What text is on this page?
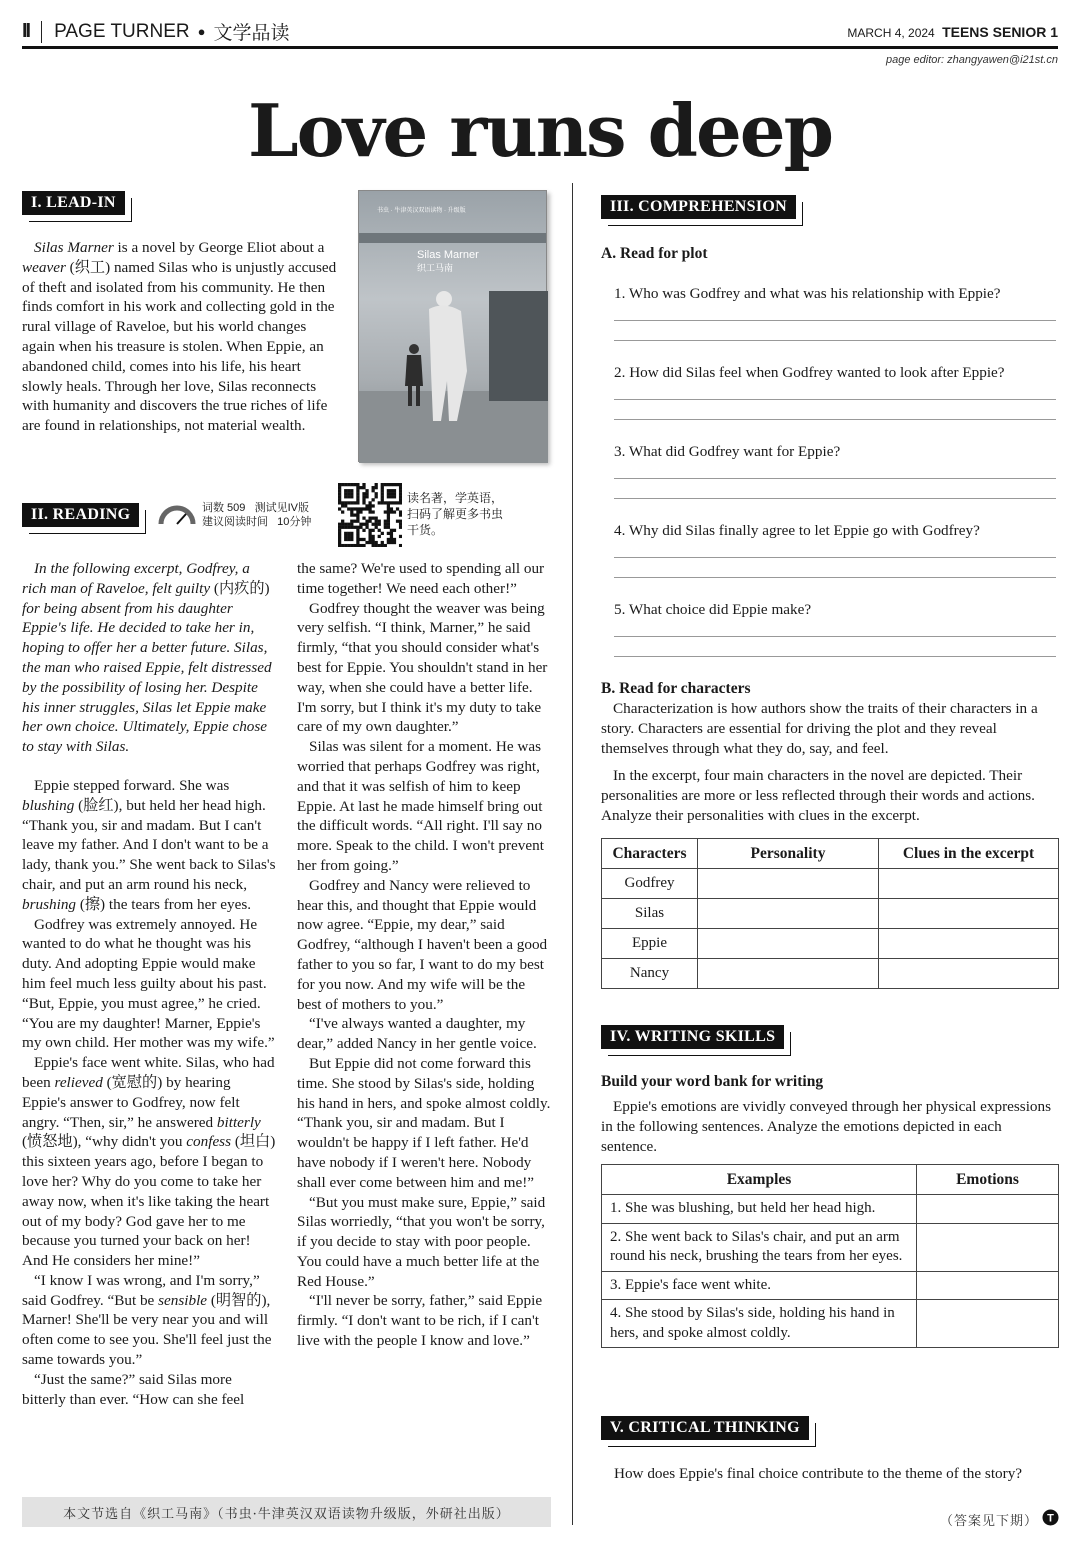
II PAGE TURNER ● 文学品读	MARCH 4, 2024 TEENS SENIOR 1
page editor: zhangyawen@i21st.cn
Love runs deep
I. LEAD-IN

Silas Marner is a novel by George Eliot about a weaver (织工) named Silas who is unjustly accused of theft and isolated from his community. He then finds comfort in his work and collecting gold in the rural village of Raveloe, but his world changes again when his treasure is stolen. When Eppie, an abandoned child, comes into his life, his heart slowly heals. Through her love, Silas reconnects with humanity and discovers the true riches of life are found in relationships, not material wealth.

书虫 · 牛津英汉双语读物 · 升级版
Silas Marner
织工马南
II. READING	词数 509 测试见IV版
建议阅读时间 10分钟
读名著，学英语，扫码了解更多书虫干货。

In the following excerpt, Godfrey, a rich man of Raveloe, felt guilty (内疚的) for being absent from his daughter Eppie's life. He decided to take her in, hoping to offer her a better future. Silas, the man who raised Eppie, felt distressed by the possibility of losing her. Despite his inner struggles, Silas let Eppie make her own choice. Ultimately, Eppie chose to stay with Silas.

Eppie stepped forward. She was blushing (脸红), but held her head high. “Thank you, sir and madam. But I can't leave my father. And I don't want to be a lady, thank you.” She went back to Silas's chair, and put an arm round his neck, brushing (擦) the tears from her eyes.

Godfrey was extremely annoyed. He wanted to do what he thought was his duty. And adopting Eppie would make him feel much less guilty about his past. “But, Eppie, you must agree,” he cried. “You are my daughter! Marner, Eppie's my own child. Her mother was my wife.”

Eppie's face went white. Silas, who had been relieved (宽慰的) by hearing Eppie's answer to Godfrey, now felt angry. “Then, sir,” he answered bitterly (愤怒地), “why didn't you confess (坦白) this sixteen years ago, before I began to love her? Why do you come to take her away now, when it's like taking the heart out of my body? God gave her to me because you turned your back on her! And He considers her mine!”

“I know I was wrong, and I'm sorry,” said Godfrey. “But be sensible (明智的), Marner! She'll be very near you and will often come to see you. She'll feel just the same towards you.”

“Just the same?” said Silas more bitterly than ever. “How can she feel

the same? We're used to spending all our time together! We need each other!”

Godfrey thought the weaver was being very selfish. “I think, Marner,” he said firmly, “that you should consider what's best for Eppie. You shouldn't stand in her way, when she could have a better life. I'm sorry, but I think it's my duty to take care of my own daughter.”

Silas was silent for a moment. He was worried that perhaps Godfrey was right, and that it was selfish of him to keep Eppie. At last he made himself bring out the difficult words. “All right. I'll say no more. Speak to the child. I won't prevent her from going.”

Godfrey and Nancy were relieved to hear this, and thought that Eppie would now agree. “Eppie, my dear,” said Godfrey, “although I haven't been a good father to you so far, I want to do my best for you now. And my wife will be the best of mothers to you.”

“I've always wanted a daughter, my dear,” added Nancy in her gentle voice.

But Eppie did not come forward this time. She stood by Silas's side, holding his hand in hers, and spoke almost coldly. “Thank you, sir and madam. But I wouldn't be happy if I left father. He'd have nobody if I weren't here. Nobody shall ever come between him and me!”

“But you must make sure, Eppie,” said Silas worriedly, “that you won't be sorry, if you decide to stay with poor people. You could have a much better life at the Red House.”

“I'll never be sorry, father,” said Eppie firmly. “I don't want to be rich, if I can't live with the people I know and love.”

本文节选自《织工马南》（书虫·牛津英汉双语读物升级版，外研社出版）
III. COMPREHENSION
A. Read for plot
1. Who was Godfrey and what was his relationship with Eppie?
2. How did Silas feel when Godfrey wanted to look after Eppie?
3. What did Godfrey want for Eppie?
4. Why did Silas finally agree to let Eppie go with Godfrey?
5. What choice did Eppie make?
B. Read for characters

Characterization is how authors show the traits of their characters in a story. Characters are essential for driving the plot and they reveal themselves through what they do, say, and feel.

In the excerpt, four main characters in the novel are depicted. Their personalities are more or less reflected through their words and actions. Analyze their personalities with clues in the excerpt.

Characters	Personality	Clues in the excerpt
Godfrey		
Silas		
Eppie		
Nancy		
IV. WRITING SKILLS
Build your word bank for writing

Eppie's emotions are vividly conveyed through her physical expressions in the following sentences. Analyze the emotions depicted in each sentence.

Examples	Emotions
1. She was blushing, but held her head high.	
2. She went back to Silas's chair, and put an arm round his neck, brushing the tears from her eyes.	
3. Eppie's face went white.	
4. She stood by Silas's side, holding his hand in hers, and spoke almost coldly.	
V. CRITICAL THINKING
How does Eppie's final choice contribute to the theme of the story?
（答案见下期） T
